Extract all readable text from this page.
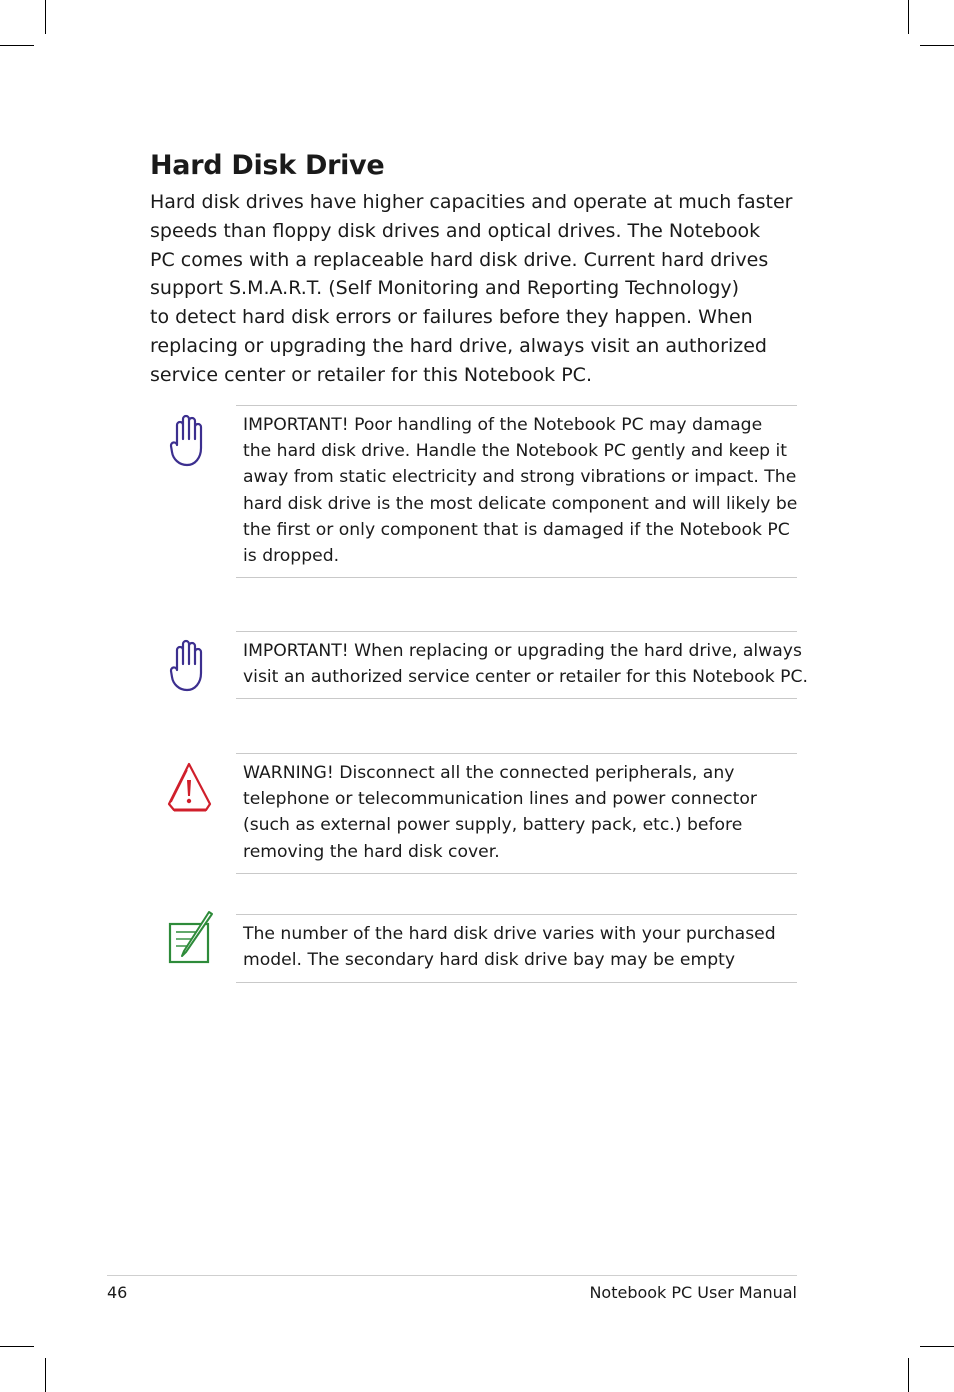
Hard Disk Drive
Hard disk drives have higher capacities and operate at much faster
speeds than floppy disk drives and optical drives. The Notebook
PC comes with a replaceable hard disk drive. Current hard drives
support S.M.A.R.T. (Self Monitoring and Reporting Technology)
to detect hard disk errors or failures before they happen. When
replacing or upgrading the hard drive, always visit an authorized
service center or retailer for this Notebook PC.
IMPORTANT! Poor handling of the Notebook PC may damage
the hard disk drive. Handle the Notebook PC gently and keep it
away from static electricity and strong vibrations or impact. The
hard disk drive is the most delicate component and will likely be
the first or only component that is damaged if the Notebook PC
is dropped.
IMPORTANT! When replacing or upgrading the hard drive, always
visit an authorized service center or retailer for this Notebook PC.
WARNING! Disconnect all the connected peripherals, any
telephone or telecommunication lines and power connector
(such as external power supply, battery pack, etc.) before
removing the hard disk cover.
The number of the hard disk drive varies with your purchased
model. The secondary hard disk drive bay may be empty
46	Notebook PC User Manual
